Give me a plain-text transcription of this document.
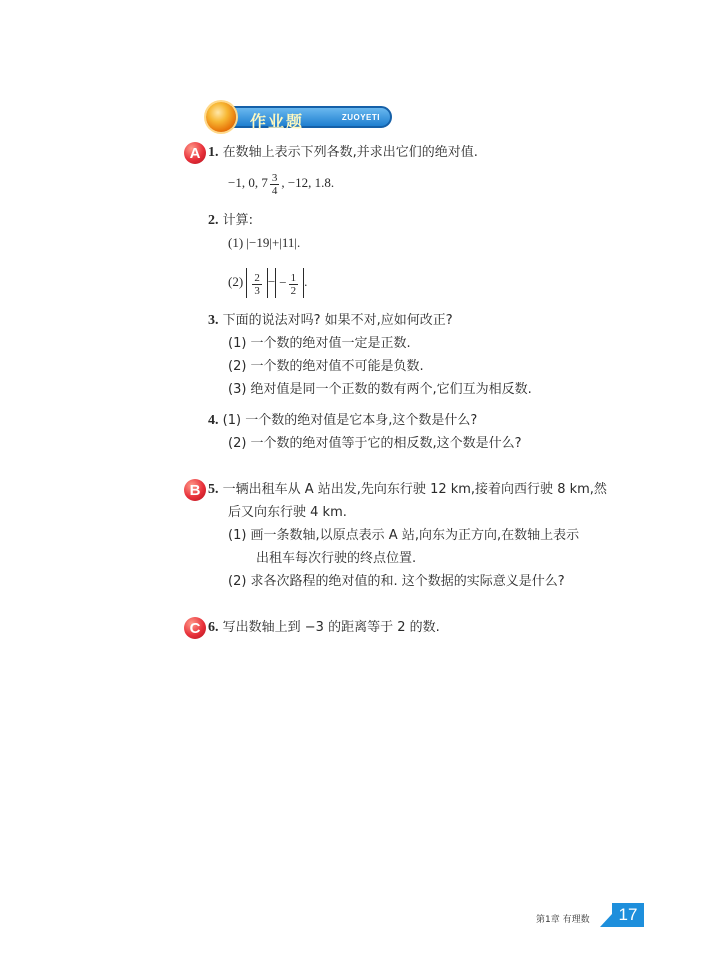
作业题	ZUOYETI
A 1. 在数轴上表示下列各数,并求出它们的绝对值.
−1, 0, $7 \frac{3}{4}$ , −12, 1.8.
2. 计算:
(1) |−19|+|11|.
$(2) \frac{2}{3}$ − − $\frac{1}{2}$ .
3. 下面的说法对吗? 如果不对,应如何改正?
(1) 一个数的绝对值一定是正数.
(2) 一个数的绝对值不可能是负数.
(3) 绝对值是同一个正数的数有两个,它们互为相反数.
4. (1) 一个数的绝对值是它本身,这个数是什么?
(2) 一个数的绝对值等于它的相反数,这个数是什么?
B 5. 一辆出租车从 A 站出发,先向东行驶 12 km,接着向西行驶 8 km,然
后又向东行驶 4 km.
(1) 画一条数轴,以原点表示 A 站,向东为正方向,在数轴上表示
出租车每次行驶的终点位置.
(2) 求各次路程的绝对值的和. 这个数据的实际意义是什么?
C 6. 写出数轴上到 −3 的距离等于 2 的数.
第1章 有理数	17
